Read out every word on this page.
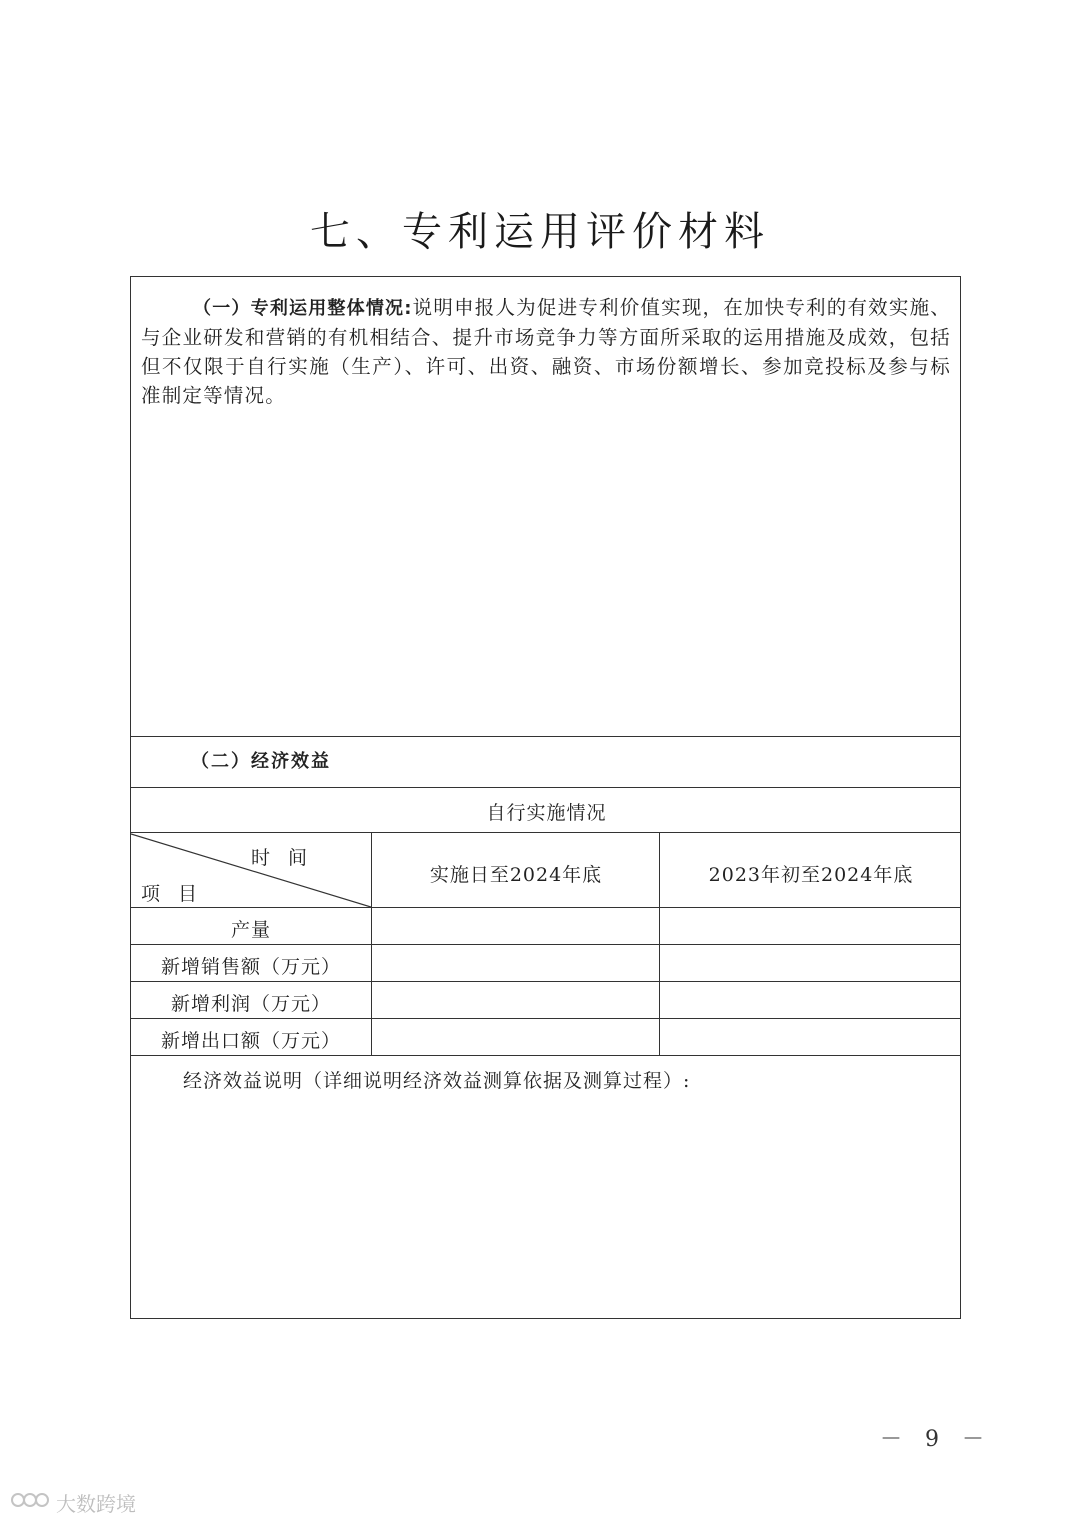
七、专利运用评价材料
（一）专利运用整体情况:说明申报人为促进专利价值实现，在加快专利的有效实施、与企业研发和营销的有机相结合、提升市场竞争力等方面所采取的运用措施及成效，包括但不仅限于自行实施（生产）、许可、出资、融资、市场份额增长、参加竞投标及参与标准制定等情况。
（二）经济效益
自行实施情况
时 间
项 目
实施日至2024年底	2023年初至2024年底
产量
新增销售额（万元）
新增利润（万元）
新增出口额（万元）
经济效益说明（详细说明经济效益测算依据及测算过程）:
－ 9 －
大数跨境
